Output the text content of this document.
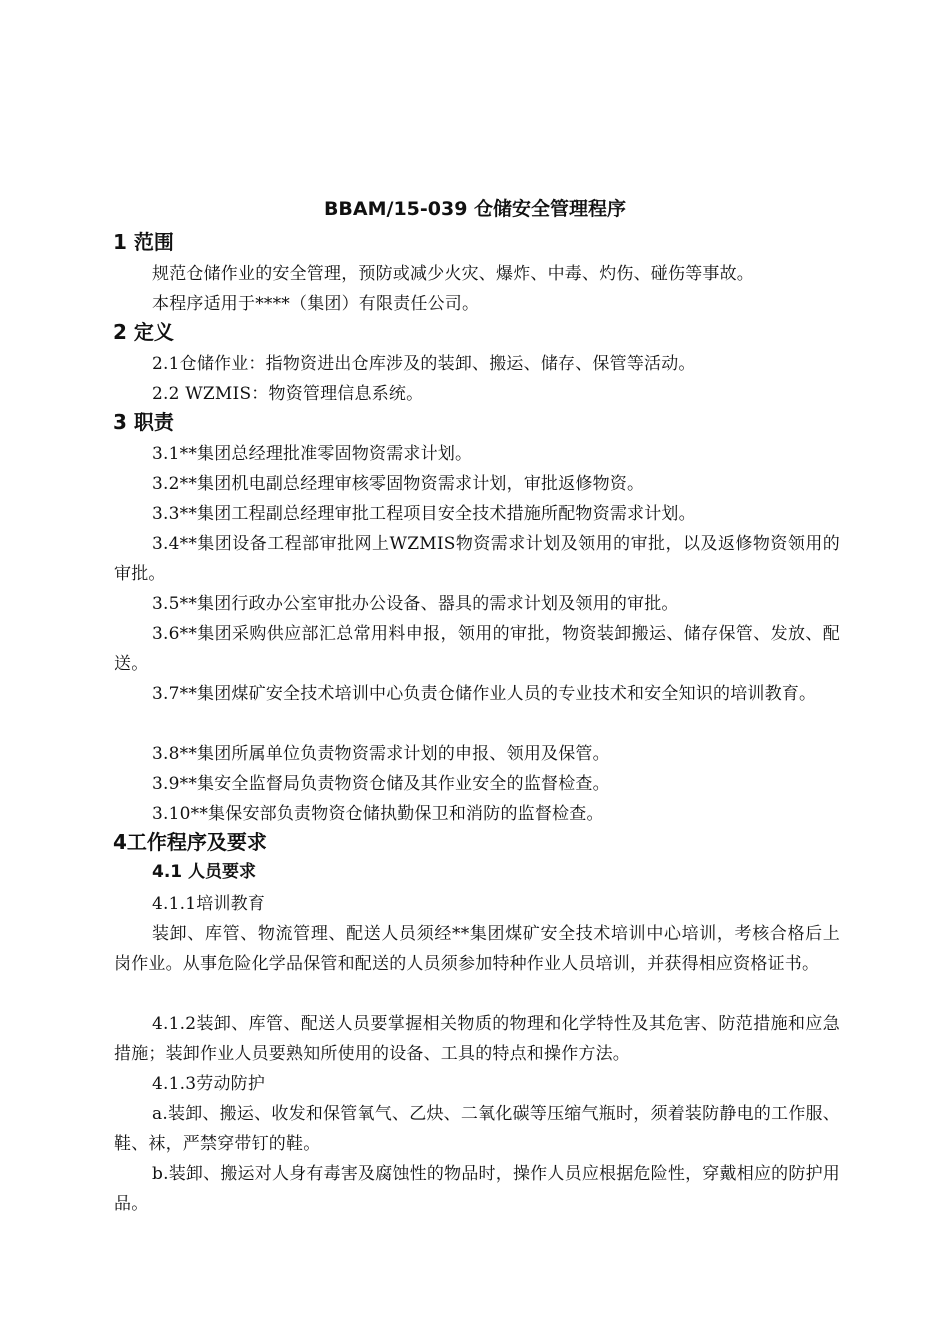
BBAM/15-039 仓储安全管理程序
1 范围

规范仓储作业的安全管理，预防或减少火灾、爆炸、中毒、灼伤、碰伤等事故。

本程序适用于****（集团）有限责任公司。

2 定义

2.1仓储作业：指物资进出仓库涉及的装卸、搬运、储存、保管等活动。

2.2 WZMIS：物资管理信息系统。

3 职责

3.1**集团总经理批准零固物资需求计划。

3.2**集团机电副总经理审核零固物资需求计划，审批返修物资。

3.3**集团工程副总经理审批工程项目安全技术措施所配物资需求计划。

3.4**集团设备工程部审批网上WZMIS物资需求计划及领用的审批，以及返修物资领用的审批。

3.5**集团行政办公室审批办公设备、器具的需求计划及领用的审批。

3.6**集团采购供应部汇总常用料申报，领用的审批，物资装卸搬运、储存保管、发放、配送。

3.7**集团煤矿安全技术培训中心负责仓储作业人员的专业技术和安全知识的培训教育。

3.8**集团所属单位负责物资需求计划的申报、领用及保管。

3.9**集安全监督局负责物资仓储及其作业安全的监督检查。

3.10**集保安部负责物资仓储执勤保卫和消防的监督检查。

4工作程序及要求
4.1 人员要求

4.1.1培训教育

装卸、库管、物流管理、配送人员须经**集团煤矿安全技术培训中心培训，考核合格后上岗作业。从事危险化学品保管和配送的人员须参加特种作业人员培训，并获得相应资格证书。

4.1.2装卸、库管、配送人员要掌握相关物质的物理和化学特性及其危害、防范措施和应急措施；装卸作业人员要熟知所使用的设备、工具的特点和操作方法。

4.1.3劳动防护

a.装卸、搬运、收发和保管氧气、乙炔、二氧化碳等压缩气瓶时，须着装防静电的工作服、鞋、袜，严禁穿带钉的鞋。

b.装卸、搬运对人身有毒害及腐蚀性的物品时，操作人员应根据危险性，穿戴相应的防护用品。
